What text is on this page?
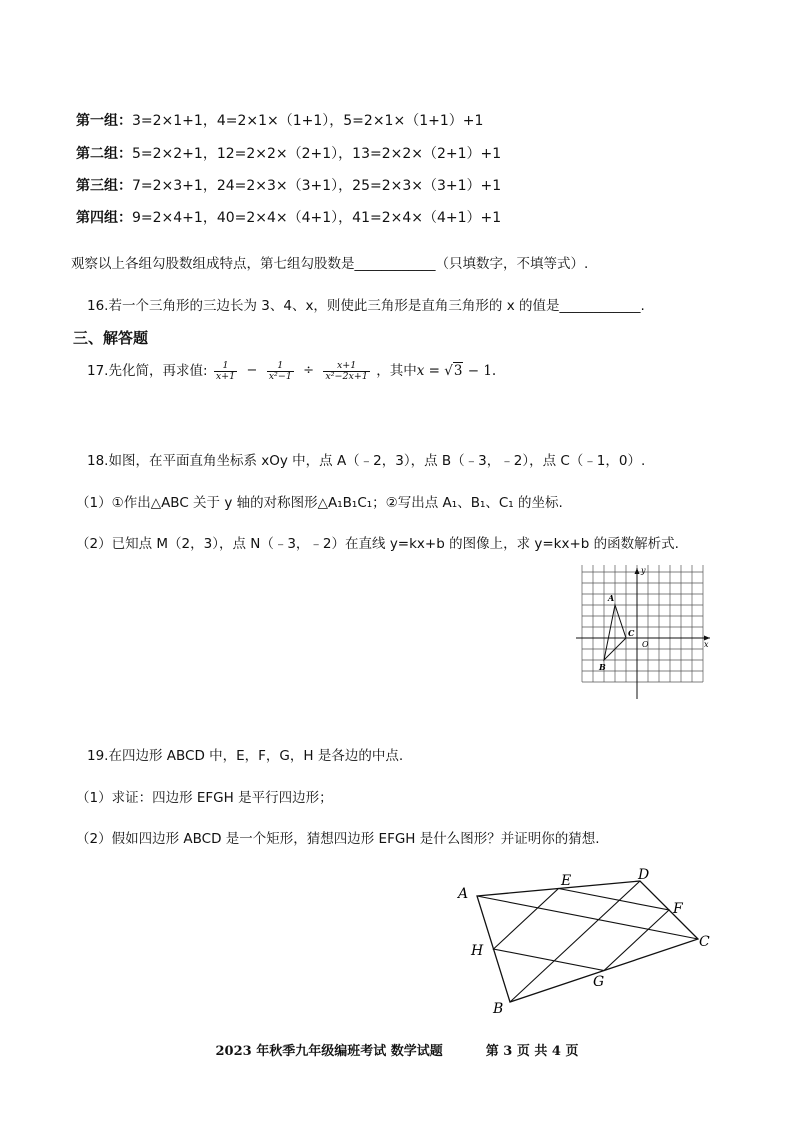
第一组：3=2×1+1，4=2×1×（1+1），5=2×1×（1+1）+1
第二组：5=2×2+1，12=2×2×（2+1），13=2×2×（2+1）+1
第三组：7=2×3+1，24=2×3×（3+1），25=2×3×（3+1）+1
第四组：9=2×4+1，40=2×4×（4+1），41=2×4×（4+1）+1
观察以上各组勾股数组成特点，第七组勾股数是____________（只填数字，不填等式）.
16.若一个三角形的三边长为 3、4、x，则使此三角形是直角三角形的 x 的值是____________.
三、解答题
17.先化简，再求值: $\frac{1}{x+1} - \frac{1}{\text{x²−1}} \div \frac{x+1}{\text{x²−2x+1}}$ ，其中x = √3 − 1.
18.如图，在平面直角坐标系 xOy 中，点 A（﹣2，3），点 B（﹣3，﹣2），点 C（﹣1，0）.
（1）①作出△ABC 关于 y 轴的对称图形△A₁B₁C₁；②写出点 A₁、B₁、C₁ 的坐标.
（2）已知点 M（2，3），点 N（﹣3，﹣2）在直线 y=kx+b 的图像上，求 y=kx+b 的函数解析式.
x
y
O
A
B
C
19.在四边形 ABCD 中，E，F，G，H 是各边的中点.
（1）求证：四边形 EFGH 是平行四边形；
（2）假如四边形 ABCD 是一个矩形，猜想四边形 EFGH 是什么图形？并证明你的猜想.
A
D
C
B
E
F
G
H
2023 年秋季九年级编班考试 数学试题	第 3 页 共 4 页
